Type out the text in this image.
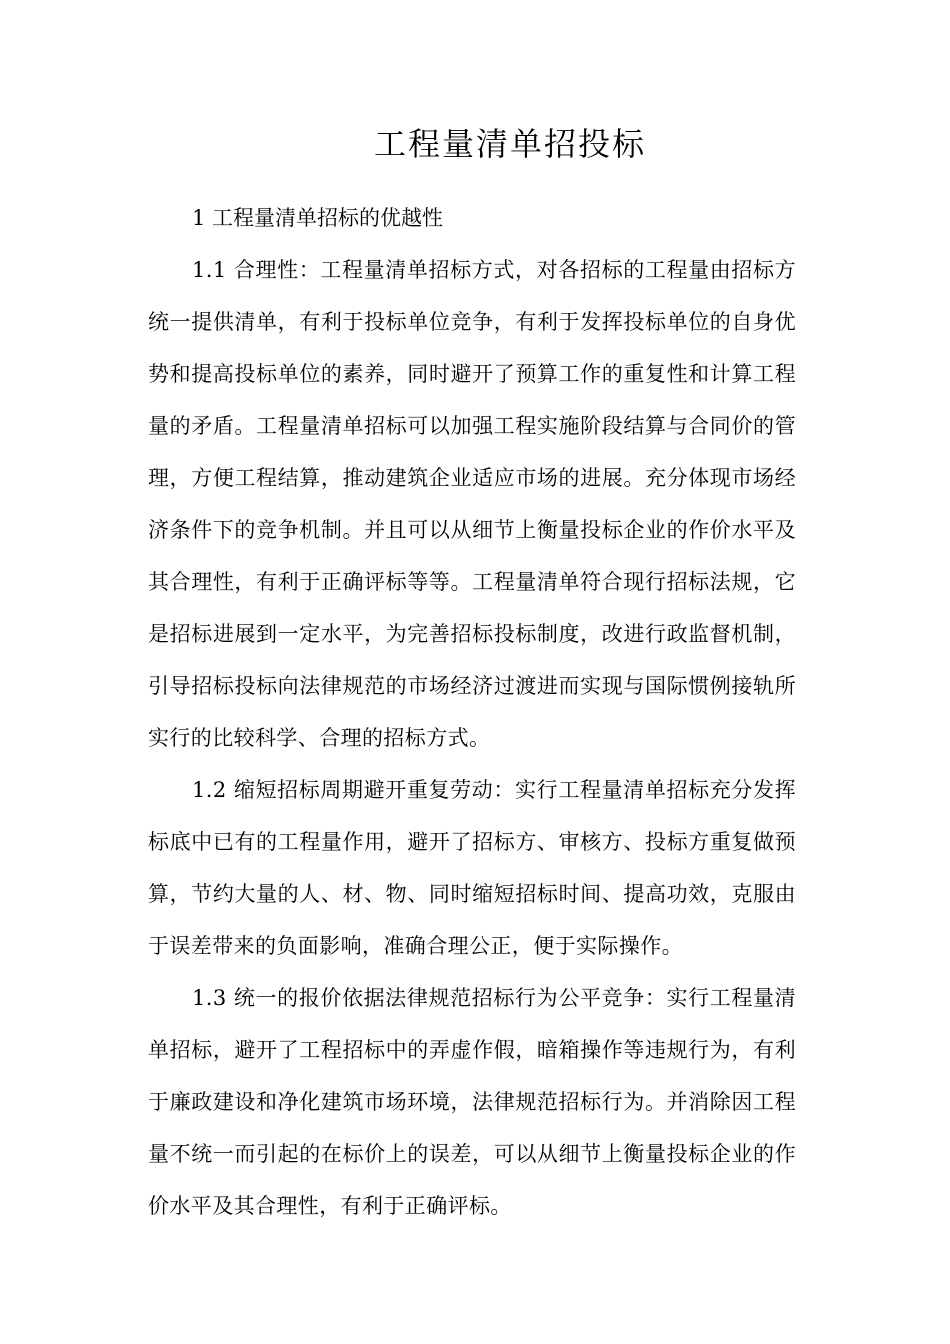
工程量清单招投标

1 工程量清单招标的优越性

1.1 合理性：工程量清单招标方式，对各招标的工程量由招标方统一提供清单，有利于投标单位竞争，有利于发挥投标单位的自身优势和提高投标单位的素养，同时避开了预算工作的重复性和计算工程量的矛盾。工程量清单招标可以加强工程实施阶段结算与合同价的管理，方便工程结算，推动建筑企业适应市场的进展。充分体现市场经济条件下的竞争机制。并且可以从细节上衡量投标企业的作价水平及其合理性，有利于正确评标等等。工程量清单符合现行招标法规，它是招标进展到一定水平，为完善招标投标制度，改进行政监督机制，引导招标投标向法律规范的市场经济过渡进而实现与国际惯例接轨所实行的比较科学、合理的招标方式。

1.2 缩短招标周期避开重复劳动：实行工程量清单招标充分发挥标底中已有的工程量作用，避开了招标方、审核方、投标方重复做预算，节约大量的人、材、物、同时缩短招标时间、提高功效，克服由于误差带来的负面影响，准确合理公正，便于实际操作。

1.3 统一的报价依据法律规范招标行为公平竞争：实行工程量清单招标，避开了工程招标中的弄虚作假，暗箱操作等违规行为，有利于廉政建设和净化建筑市场环境，法律规范招标行为。并消除因工程量不统一而引起的在标价上的误差，可以从细节上衡量投标企业的作价水平及其合理性，有利于正确评标。
